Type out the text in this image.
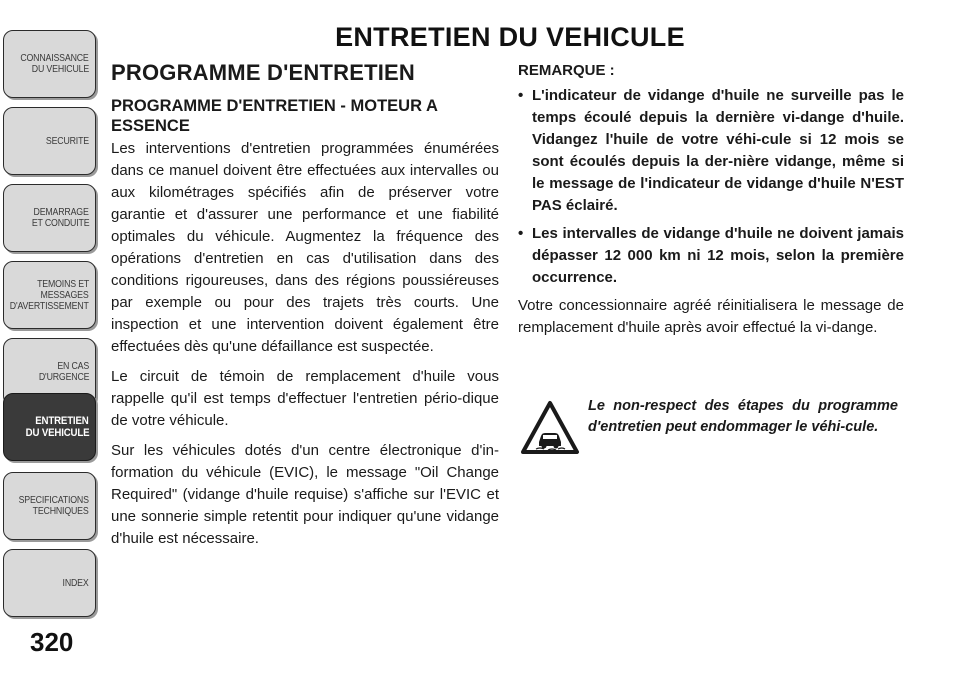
CONNAISSANCE
DU VEHICULE
SECURITE
DEMARRAGE
ET CONDUITE
TEMOINS ET
MESSAGES
D'AVERTISSEMENT
EN CAS
D'URGENCE
ENTRETIEN
DU VEHICULE
SPECIFICATIONS
TECHNIQUES
INDEX
320
ENTRETIEN DU VEHICULE
PROGRAMME D'ENTRETIEN
PROGRAMME D'ENTRETIEN - MOTEUR A ESSENCE

Les interventions d'entretien programmées énumérées dans ce manuel doivent être effectuées aux intervalles ou aux kilométrages spécifiés afin de préserver votre garantie et d'assurer une performance et une fiabilité optimales du véhicule. Augmentez la fréquence des opérations d'entretien en cas d'utilisation dans des conditions rigoureuses, dans des régions poussiéreuses par exemple ou pour des trajets très courts. Une inspection et une intervention doivent également être effectuées dès qu'une défaillance est suspectée.

Le circuit de témoin de remplacement d'huile vous rappelle qu'il est temps d'effectuer l'entretien pério-dique de votre véhicule.

Sur les véhicules dotés d'un centre électronique d'in-formation du véhicule (EVIC), le message "Oil Change Required" (vidange d'huile requise) s'affiche sur l'EVIC et une sonnerie simple retentit pour indiquer qu'une vidange d'huile est nécessaire.

REMARQUE :
• L'indicateur de vidange d'huile ne surveille pas le temps écoulé depuis la dernière vi-dange d'huile. Vidangez l'huile de votre véhi-cule si 12 mois se sont écoulés depuis la der-nière vidange, même si le message de l'indicateur de vidange d'huile N'EST PAS éclairé.
• Les intervalles de vidange d'huile ne doivent jamais dépasser 12 000 km ni 12 mois, selon la première occurrence.

Votre concessionnaire agréé réinitialisera le message de remplacement d'huile après avoir effectué la vi-dange.

Le non-respect des étapes du programme d'entretien peut endommager le véhi-cule.
